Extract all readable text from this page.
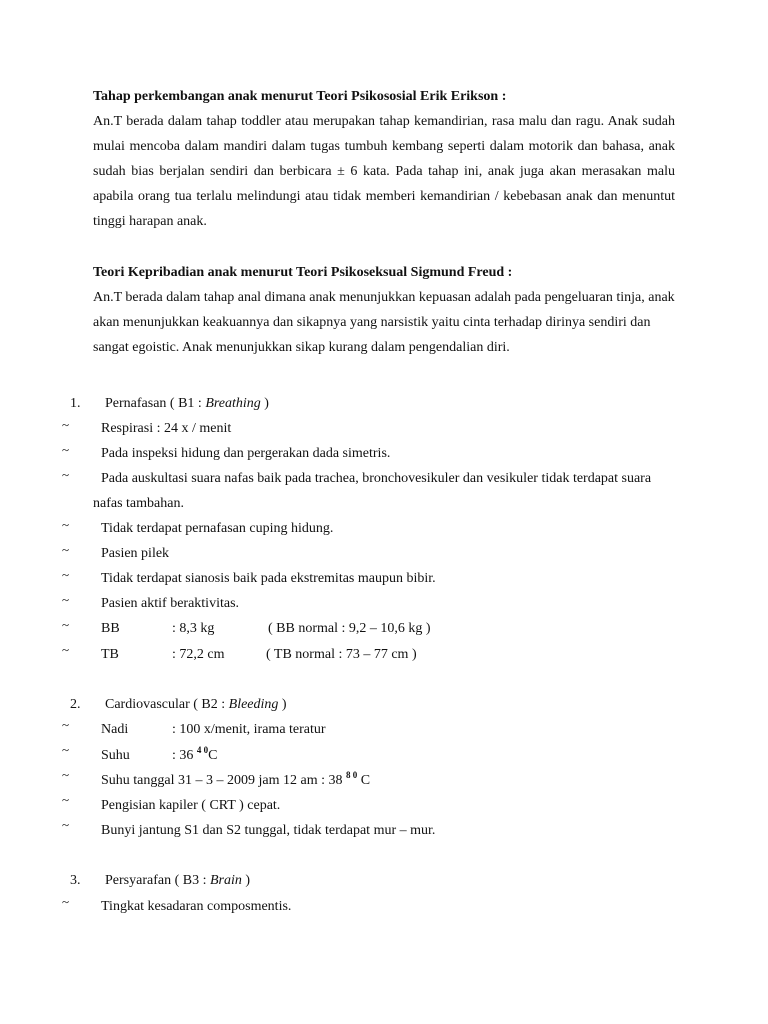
Tahap perkembangan anak menurut Teori Psikososial Erik Erikson :

An.T berada dalam tahap toddler atau merupakan tahap kemandirian, rasa malu dan ragu. Anak sudah mulai mencoba dalam mandiri dalam tugas tumbuh kembang seperti dalam motorik dan bahasa, anak sudah bias berjalan sendiri dan berbicara ± 6 kata. Pada tahap ini, anak juga akan merasakan malu apabila orang tua terlalu melindungi atau tidak memberi kemandirian / kebebasan anak dan menuntut tinggi harapan anak.

Teori Kepribadian anak menurut Teori Psikoseksual Sigmund Freud :

An.T berada dalam tahap anal dimana anak menunjukkan kepuasan adalah pada pengeluaran tinja, anak akan menunjukkan keakuannya dan sikapnya yang narsistik yaitu cinta terhadap dirinya sendiri dan sangat egoistic. Anak menunjukkan sikap kurang dalam pengendalian diri.

1. Pernafasan ( B1 : Breathing )
~ Respirasi : 24 x / menit
~ Pada inspeksi hidung dan pergerakan dada simetris.
~	Pada auskultasi suara nafas baik pada trachea, bronchovesikuler dan vesikuler tidak terdapat suara nafas tambahan.
~ Tidak terdapat pernafasan cuping hidung.
~ Pasien pilek
~ Tidak terdapat sianosis baik pada ekstremitas maupun bibir.
~ Pasien aktif beraktivitas.
~ BB	: 8,3 kg	( BB normal : 9,2 – 10,6 kg )
~ TB	: 72,2 cm	( TB normal : 73 – 77 cm )
2. Cardiovascular ( B2 : Bleeding )
~ Nadi	: 100 x/menit, irama teratur
~ Suhu	: 36 $^{4 0}$C
~ Suhu tanggal 31 – 3 – 2009 jam 12 am : 38 $^{8 0}$ C
~ Pengisian kapiler ( CRT ) cepat.
~ Bunyi jantung S1 dan S2 tunggal, tidak terdapat mur – mur.
3. Persyarafan ( B3 : Brain )
~ Tingkat kesadaran composmentis.
